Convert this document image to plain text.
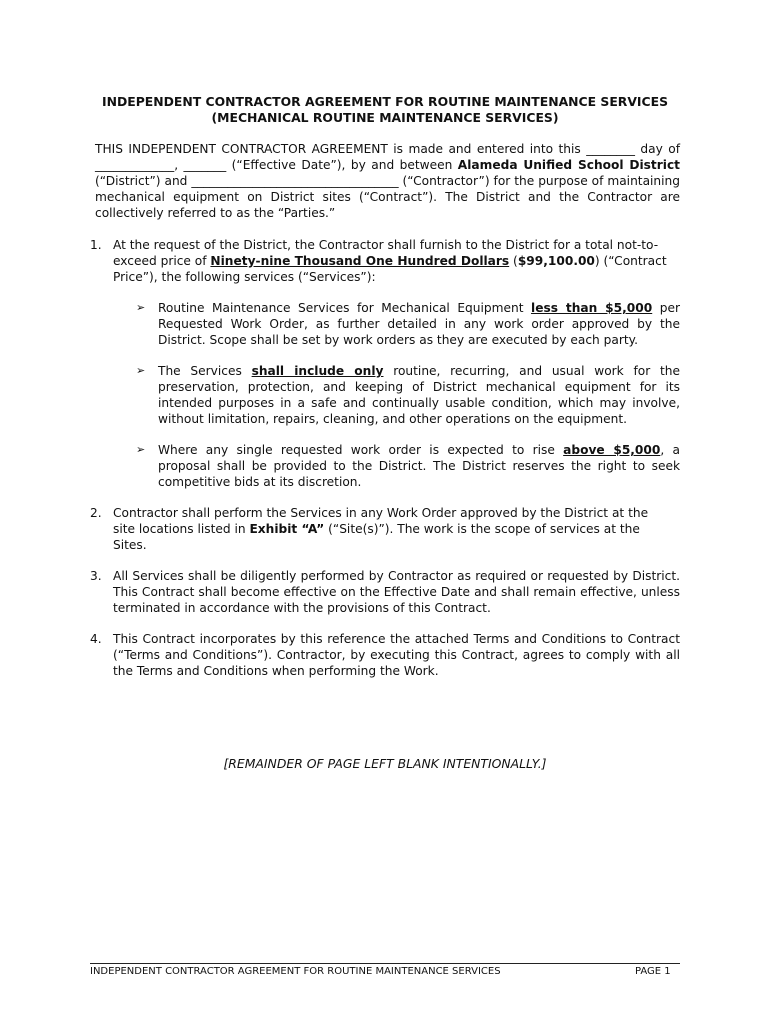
INDEPENDENT CONTRACTOR AGREEMENT FOR ROUTINE MAINTENANCE SERVICES
(MECHANICAL ROUTINE MAINTENANCE SERVICES)
THIS INDEPENDENT CONTRACTOR AGREEMENT is made and entered into this ________ day of _____________, _______ (“Effective Date”), by and between Alameda Unified School District (“District”) and __________________________________ (“Contractor”) for the purpose of maintaining mechanical equipment on District sites (“Contract”). The District and the Contractor are collectively referred to as the “Parties.”
1. At the request of the District, the Contractor shall furnish to the District for a total not-to-exceed price of Ninety-nine Thousand One Hundred Dollars ($99,100.00) (“Contract Price”), the following services (“Services”):
➢ Routine Maintenance Services for Mechanical Equipment less than $5,000 per Requested Work Order, as further detailed in any work order approved by the District. Scope shall be set by work orders as they are executed by each party.
➢ The Services shall include only routine, recurring, and usual work for the preservation, protection, and keeping of District mechanical equipment for its intended purposes in a safe and continually usable condition, which may involve, without limitation, repairs, cleaning, and other operations on the equipment.
➢ Where any single requested work order is expected to rise above $5,000, a proposal shall be provided to the District. The District reserves the right to seek competitive bids at its discretion.
2. Contractor shall perform the Services in any Work Order approved by the District at the site locations listed in Exhibit “A” (“Site(s)”). The work is the scope of services at the Sites.
3. All Services shall be diligently performed by Contractor as required or requested by District. This Contract shall become effective on the Effective Date and shall remain effective, unless terminated in accordance with the provisions of this Contract.
4. This Contract incorporates by this reference the attached Terms and Conditions to Contract (“Terms and Conditions”). Contractor, by executing this Contract, agrees to comply with all the Terms and Conditions when performing the Work.
[REMAINDER OF PAGE LEFT BLANK INTENTIONALLY.]
INDEPENDENT CONTRACTOR AGREEMENT FOR ROUTINE MAINTENANCE SERVICES	PAGE 1
